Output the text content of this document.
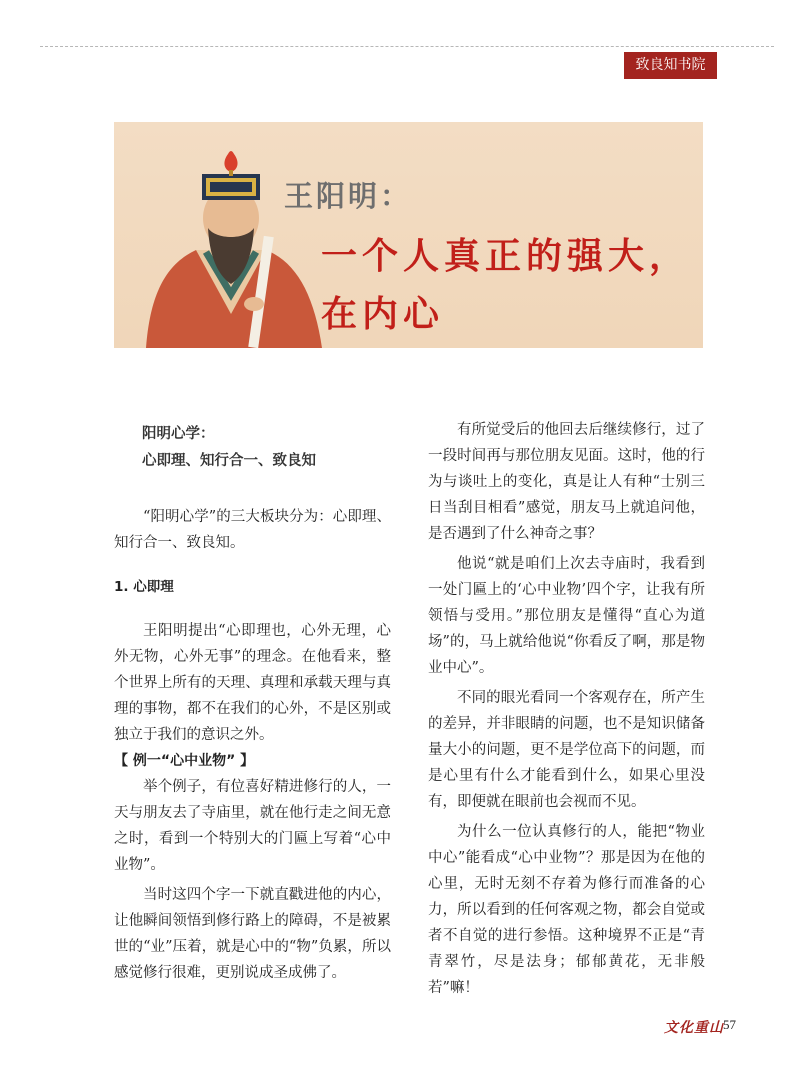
致良知书院
王阳明：
一个人真正的强大，
在内心
阳明心学：
心即理、知行合一、致良知

“阳明心学”的三大板块分为：心即理、知行合一、致良知。

1. 心即理

王阳明提出“心即理也，心外无理，心外无物，心外无事”的理念。在他看来，整个世界上所有的天理、真理和承载天理与真理的事物，都不在我们的心外，不是区别或独立于我们的意识之外。

【 例一“心中业物” 】

举个例子，有位喜好精进修行的人，一天与朋友去了寺庙里，就在他行走之间无意之时，看到一个特别大的门匾上写着“心中业物”。

当时这四个字一下就直戳进他的内心，让他瞬间领悟到修行路上的障碍，不是被累世的“业”压着，就是心中的“物”负累，所以感觉修行很难，更别说成圣成佛了。

有所觉受后的他回去后继续修行，过了一段时间再与那位朋友见面。这时，他的行为与谈吐上的变化，真是让人有种“士别三日当刮目相看”感觉，朋友马上就追问他，是否遇到了什么神奇之事？

他说“就是咱们上次去寺庙时，我看到一处门匾上的‘心中业物’四个字，让我有所领悟与受用。”那位朋友是懂得“直心为道场”的，马上就给他说“你看反了啊，那是物业中心”。

不同的眼光看同一个客观存在，所产生的差异，并非眼睛的问题，也不是知识储备量大小的问题，更不是学位高下的问题，而是心里有什么才能看到什么，如果心里没有，即便就在眼前也会视而不见。

为什么一位认真修行的人，能把“物业中心”能看成“心中业物”？那是因为在他的心里，无时无刻不存着为修行而准备的心力，所以看到的任何客观之物，都会自觉或者不自觉的进行参悟。这种境界不正是“青青翠竹，尽是法身；郁郁黄花，无非般若”嘛！

文化重山 57
